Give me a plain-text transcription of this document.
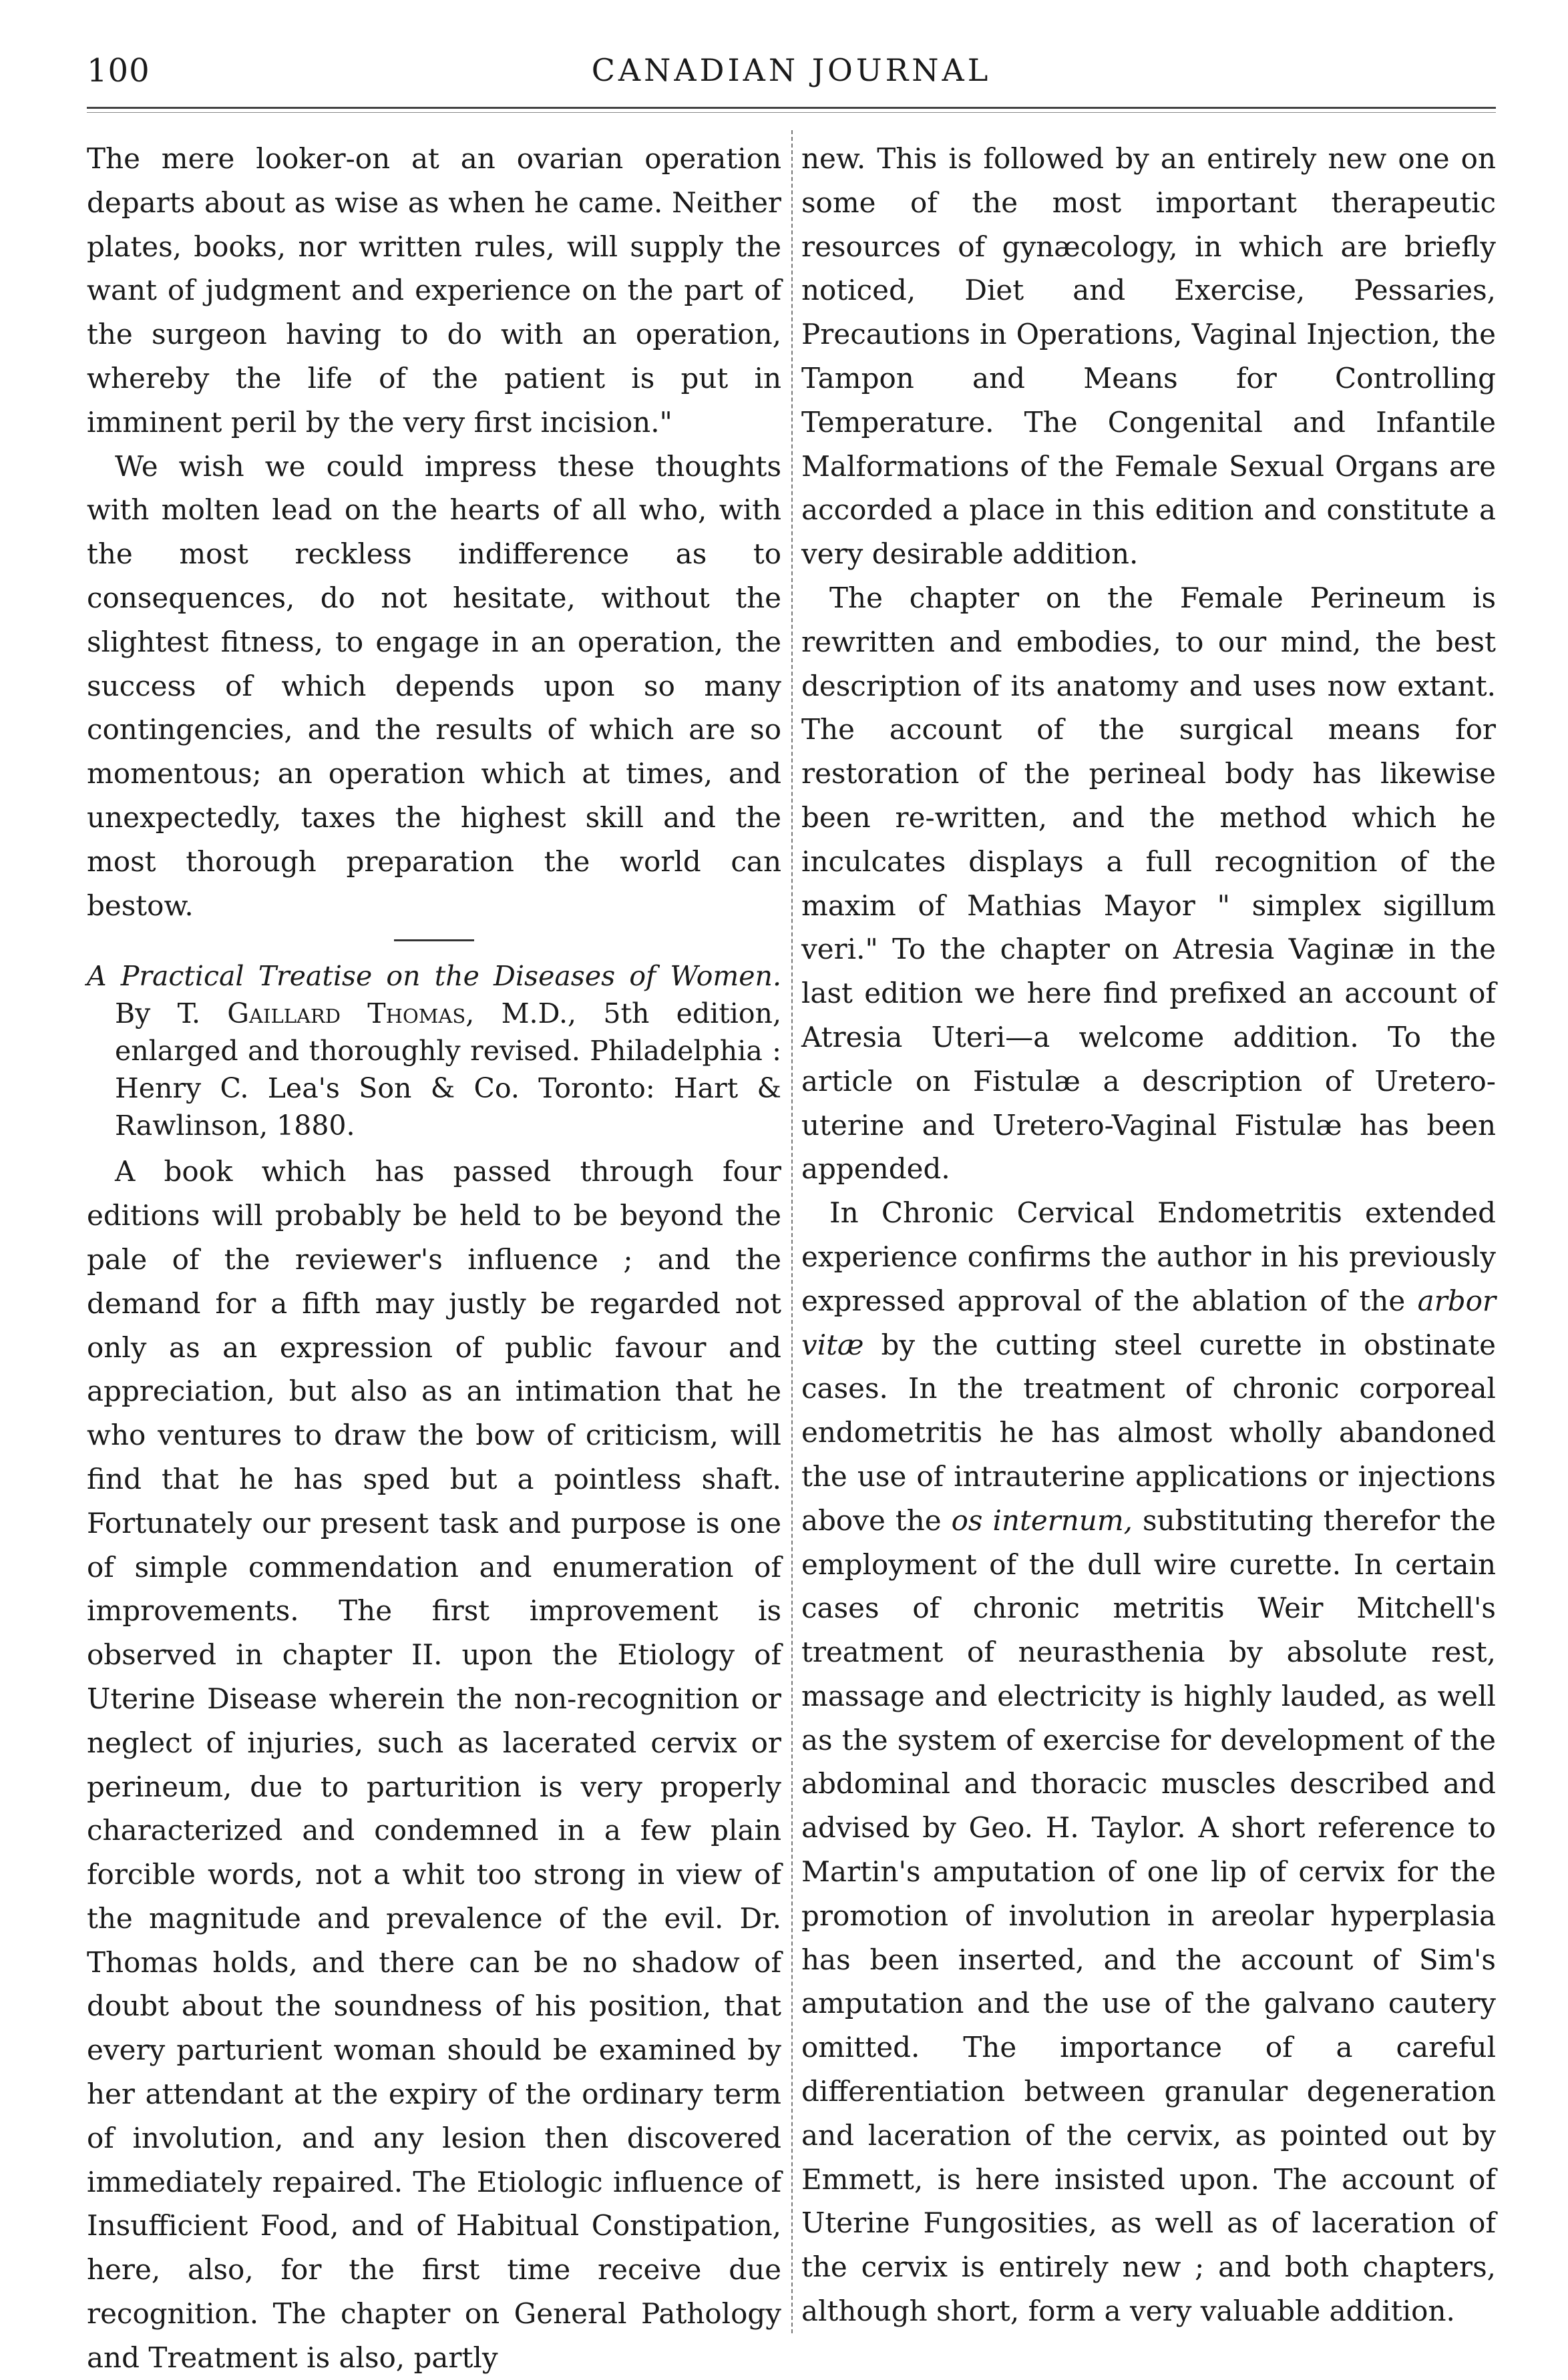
100	CANADIAN JOURNAL

The mere looker-on at an ovarian operation departs about as wise as when he came. Neither plates, books, nor written rules, will supply the want of judgment and experience on the part of the surgeon having to do with an operation, whereby the life of the patient is put in imminent peril by the very first incision."

We wish we could impress these thoughts with molten lead on the hearts of all who, with the most reckless indifference as to consequences, do not hesitate, without the slightest fitness, to engage in an operation, the success of which depends upon so many contingencies, and the results of which are so momentous; an operation which at times, and unexpectedly, taxes the highest skill and the most thorough preparation the world can bestow.

A Practical Treatise on the Diseases of Women. By T. Gaillard Thomas, M.D., 5th edition, enlarged and thoroughly revised. Philadelphia : Henry C. Lea's Son & Co. Toronto: Hart & Rawlinson, 1880.

A book which has passed through four editions will probably be held to be beyond the pale of the reviewer's influence ; and the demand for a fifth may justly be regarded not only as an expression of public favour and appreciation, but also as an intimation that he who ventures to draw the bow of criticism, will find that he has sped but a pointless shaft. Fortunately our present task and purpose is one of simple commendation and enumeration of improvements. The first improvement is observed in chapter II. upon the Etiology of Uterine Disease wherein the non-recognition or neglect of injuries, such as lacerated cervix or perineum, due to parturition is very properly characterized and condemned in a few plain forcible words, not a whit too strong in view of the magnitude and prevalence of the evil. Dr. Thomas holds, and there can be no shadow of doubt about the soundness of his position, that every parturient woman should be examined by her attendant at the expiry of the ordinary term of involution, and any lesion then discovered immediately repaired. The Etiologic influence of Insufficient Food, and of Habitual Constipation, here, also, for the first time receive due recognition. The chapter on General Pathology and Treatment is also, partly

new. This is followed by an entirely new one on some of the most important therapeutic resources of gynæcology, in which are briefly noticed, Diet and Exercise, Pessaries, Precautions in Operations, Vaginal Injection, the Tampon and Means for Controlling Temperature. The Congenital and Infantile Malformations of the Female Sexual Organs are accorded a place in this edition and constitute a very desirable addition.

The chapter on the Female Perineum is rewritten and embodies, to our mind, the best description of its anatomy and uses now extant. The account of the surgical means for restoration of the perineal body has likewise been re-written, and the method which he inculcates displays a full recognition of the maxim of Mathias Mayor " simplex sigillum veri." To the chapter on Atresia Vaginæ in the last edition we here find prefixed an account of Atresia Uteri—a welcome addition. To the article on Fistulæ a description of Uretero-uterine and Uretero-Vaginal Fistulæ has been appended.

In Chronic Cervical Endometritis extended experience confirms the author in his previously expressed approval of the ablation of the arbor vitæ by the cutting steel curette in obstinate cases. In the treatment of chronic corporeal endometritis he has almost wholly abandoned the use of intrauterine applications or injections above the os internum, substituting therefor the employment of the dull wire curette. In certain cases of chronic metritis Weir Mitchell's treatment of neurasthenia by absolute rest, massage and electricity is highly lauded, as well as the system of exercise for development of the abdominal and thoracic muscles described and advised by Geo. H. Taylor. A short reference to Martin's amputation of one lip of cervix for the promotion of involution in areolar hyperplasia has been inserted, and the account of Sim's amputation and the use of the galvano cautery omitted. The importance of a careful differentiation between granular degeneration and laceration of the cervix, as pointed out by Emmett, is here insisted upon. The account of Uterine Fungosities, as well as of laceration of the cervix is entirely new ; and both chapters, although short, form a very valuable addition.
